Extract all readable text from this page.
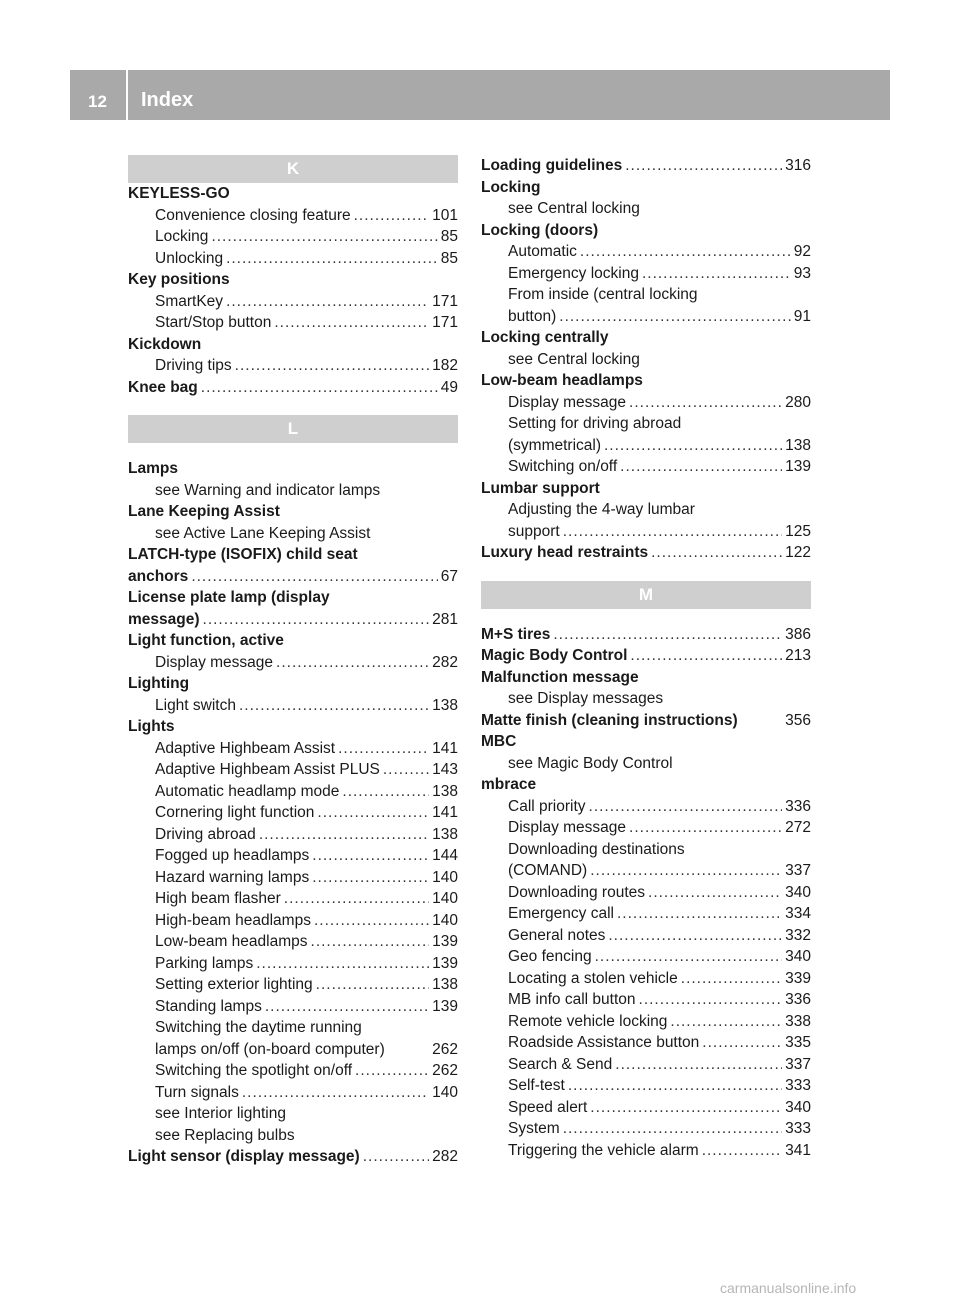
12	Index
K
KEYLESS-GO
Convenience closing feature .....	101
Locking .....	85
Unlocking .....	85
Key positions
SmartKey .....	171
Start/Stop button .....	171
Kickdown
Driving tips .....	182
Knee bag .....	49
L
Lamps
see Warning and indicator lamps
Lane Keeping Assist
see Active Lane Keeping Assist
LATCH-type (ISOFIX) child seat
anchors .....	67
License plate lamp (display
message) .....	281
Light function, active
Display message .....	282
Lighting
Light switch .....	138
Lights
Adaptive Highbeam Assist .....	141
Adaptive Highbeam Assist PLUS .....	143
Automatic headlamp mode .....	138
Cornering light function .....	141
Driving abroad .....	138
Fogged up headlamps .....	144
Hazard warning lamps .....	140
High beam flasher .....	140
High-beam headlamps .....	140
Low-beam headlamps .....	139
Parking lamps .....	139
Setting exterior lighting .....	138
Standing lamps .....	139
Switching the daytime running
lamps on/off (on-board computer)	262
Switching the spotlight on/off .....	262
Turn signals .....	140
see Interior lighting
see Replacing bulbs
Light sensor (display message) .....	282
Loading guidelines .....	316
Locking
see Central locking
Locking (doors)
Automatic .....	92
Emergency locking .....	93
From inside (central locking
button) .....	91
Locking centrally
see Central locking
Low-beam headlamps
Display message .....	280
Setting for driving abroad
(symmetrical) .....	138
Switching on/off .....	139
Lumbar support
Adjusting the 4-way lumbar
support .....	125
Luxury head restraints .....	122
M
M+S tires .....	386
Magic Body Control .....	213
Malfunction message
see Display messages
Matte finish (cleaning instructions)	356
MBC
see Magic Body Control
mbrace
Call priority .....	336
Display message .....	272
Downloading destinations
(COMAND) .....	337
Downloading routes .....	340
Emergency call .....	334
General notes .....	332
Geo fencing .....	340
Locating a stolen vehicle .....	339
MB info call button .....	336
Remote vehicle locking .....	338
Roadside Assistance button .....	335
Search & Send .....	337
Self-test .....	333
Speed alert .....	340
System .....	333
Triggering the vehicle alarm .....	341
carmanualsonline.info
